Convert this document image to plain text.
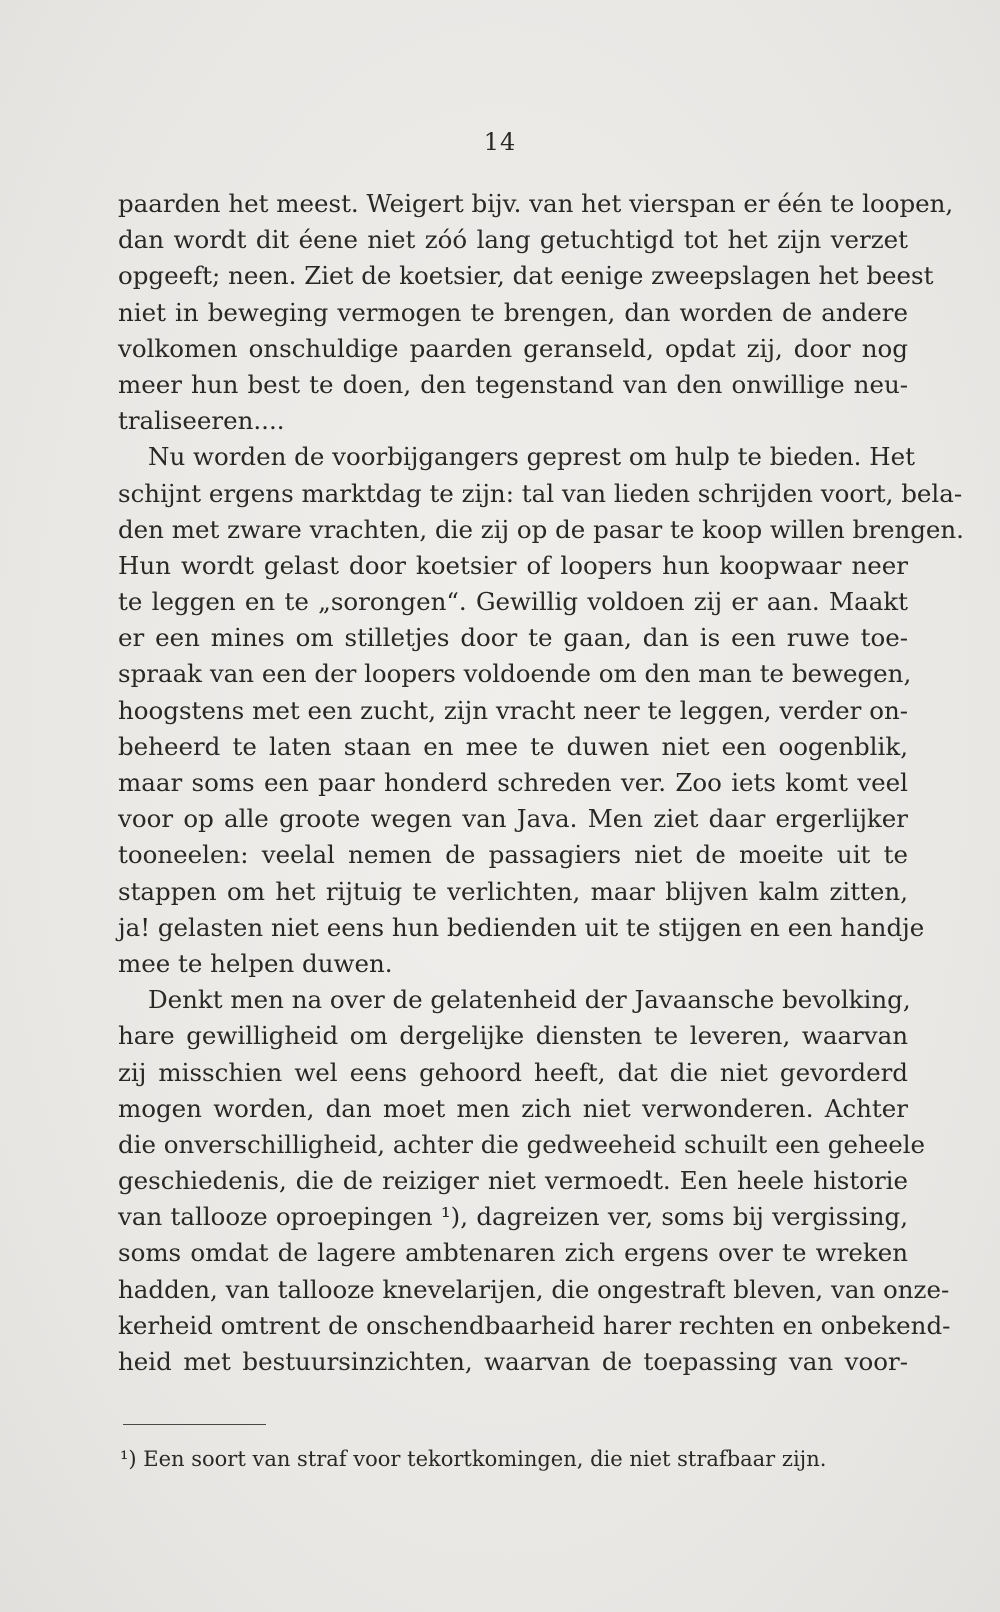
14
paarden het meest. Weigert bijv. van het vierspan er één te loopen,
dan wordt dit éene niet zóó lang getuchtigd tot het zijn verzet
opgeeft; neen. Ziet de koetsier, dat eenige zweepslagen het beest
niet in beweging vermogen te brengen, dan worden de andere
volkomen onschuldige paarden geranseld, opdat zij, door nog
meer hun best te doen, den tegenstand van den onwillige neu-
traliseeren....
Nu worden de voorbijgangers geprest om hulp te bieden. Het
schijnt ergens marktdag te zijn: tal van lieden schrijden voort, bela-
den met zware vrachten, die zij op de pasar te koop willen brengen.
Hun wordt gelast door koetsier of loopers hun koopwaar neer
te leggen en te „sorongen“. Gewillig voldoen zij er aan. Maakt
er een mines om stilletjes door te gaan, dan is een ruwe toe-
spraak van een der loopers voldoende om den man te bewegen,
hoogstens met een zucht, zijn vracht neer te leggen, verder on-
beheerd te laten staan en mee te duwen niet een oogenblik,
maar soms een paar honderd schreden ver. Zoo iets komt veel
voor op alle groote wegen van Java. Men ziet daar ergerlijker
tooneelen: veelal nemen de passagiers niet de moeite uit te
stappen om het rijtuig te verlichten, maar blijven kalm zitten,
ja! gelasten niet eens hun bedienden uit te stijgen en een handje
mee te helpen duwen.
Denkt men na over de gelatenheid der Javaansche bevolking,
hare gewilligheid om dergelijke diensten te leveren, waarvan
zij misschien wel eens gehoord heeft, dat die niet gevorderd
mogen worden, dan moet men zich niet verwonderen. Achter
die onverschilligheid, achter die gedweeheid schuilt een geheele
geschiedenis, die de reiziger niet vermoedt. Een heele historie
van tallooze oproepingen ¹), dagreizen ver, soms bij vergissing,
soms omdat de lagere ambtenaren zich ergens over te wreken
hadden, van tallooze knevelarijen, die ongestraft bleven, van onze-
kerheid omtrent de onschendbaarheid harer rechten en onbekend-
heid met bestuursinzichten, waarvan de toepassing van voor-
¹) Een soort van straf voor tekortkomingen, die niet strafbaar zijn.
